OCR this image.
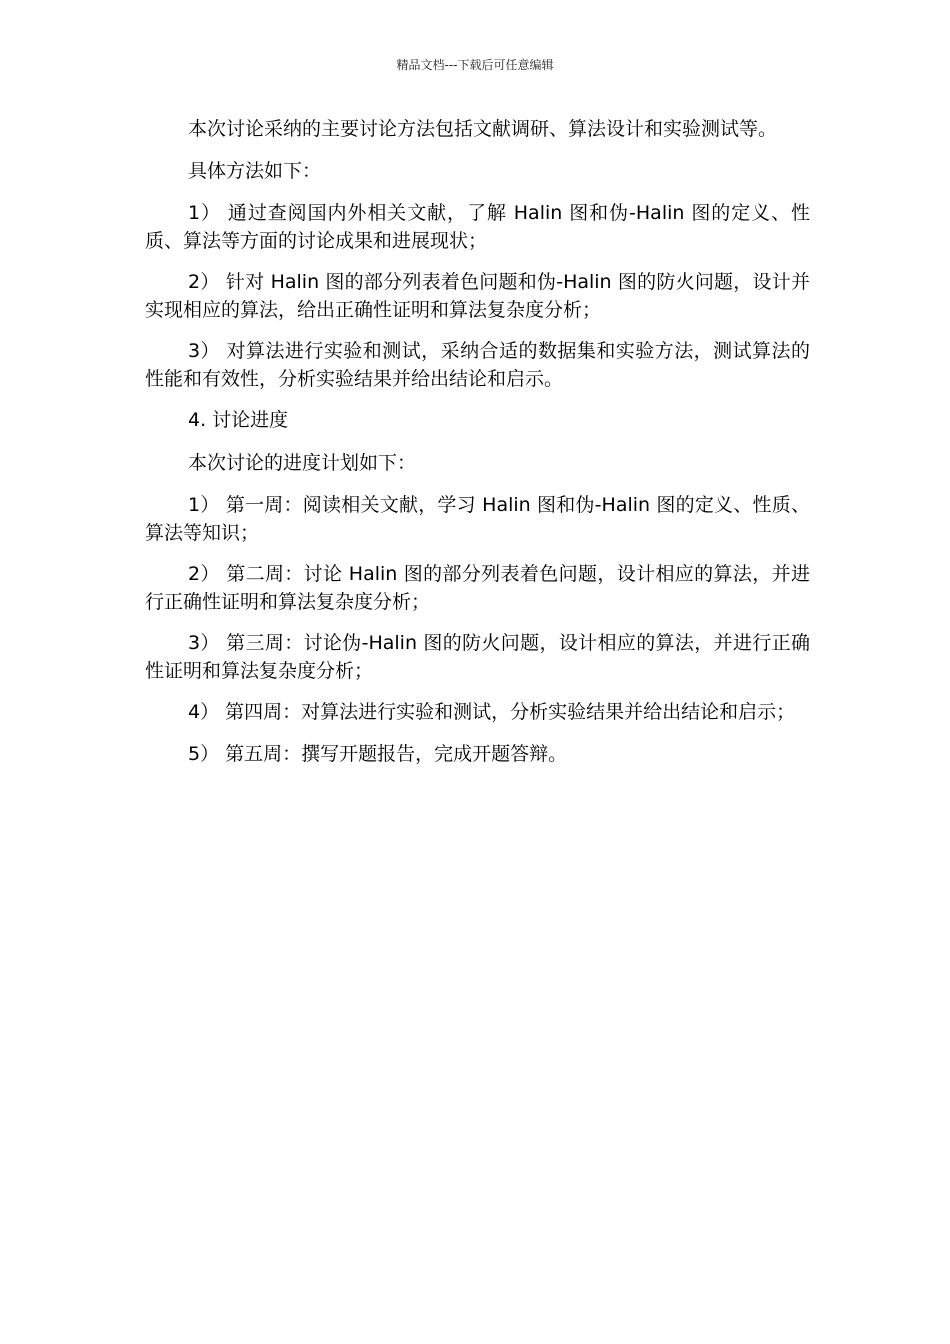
精品文档---下载后可任意编辑

本次讨论采纳的主要讨论方法包括文献调研、算法设计和实验测试等。

具体方法如下：

1） 通过查阅国内外相关文献，了解 Halin 图和伪-Halin 图的定义、性质、算法等方面的讨论成果和进展现状；

2） 针对 Halin 图的部分列表着色问题和伪-Halin 图的防火问题，设计并实现相应的算法，给出正确性证明和算法复杂度分析；

3） 对算法进行实验和测试，采纳合适的数据集和实验方法，测试算法的性能和有效性，分析实验结果并给出结论和启示。

4. 讨论进度

本次讨论的进度计划如下：

1） 第一周：阅读相关文献，学习 Halin 图和伪-Halin 图的定义、性质、算法等知识；

2） 第二周：讨论 Halin 图的部分列表着色问题，设计相应的算法，并进行正确性证明和算法复杂度分析；

3） 第三周：讨论伪-Halin 图的防火问题，设计相应的算法，并进行正确性证明和算法复杂度分析；

4） 第四周：对算法进行实验和测试，分析实验结果并给出结论和启示；

5） 第五周：撰写开题报告，完成开题答辩。
